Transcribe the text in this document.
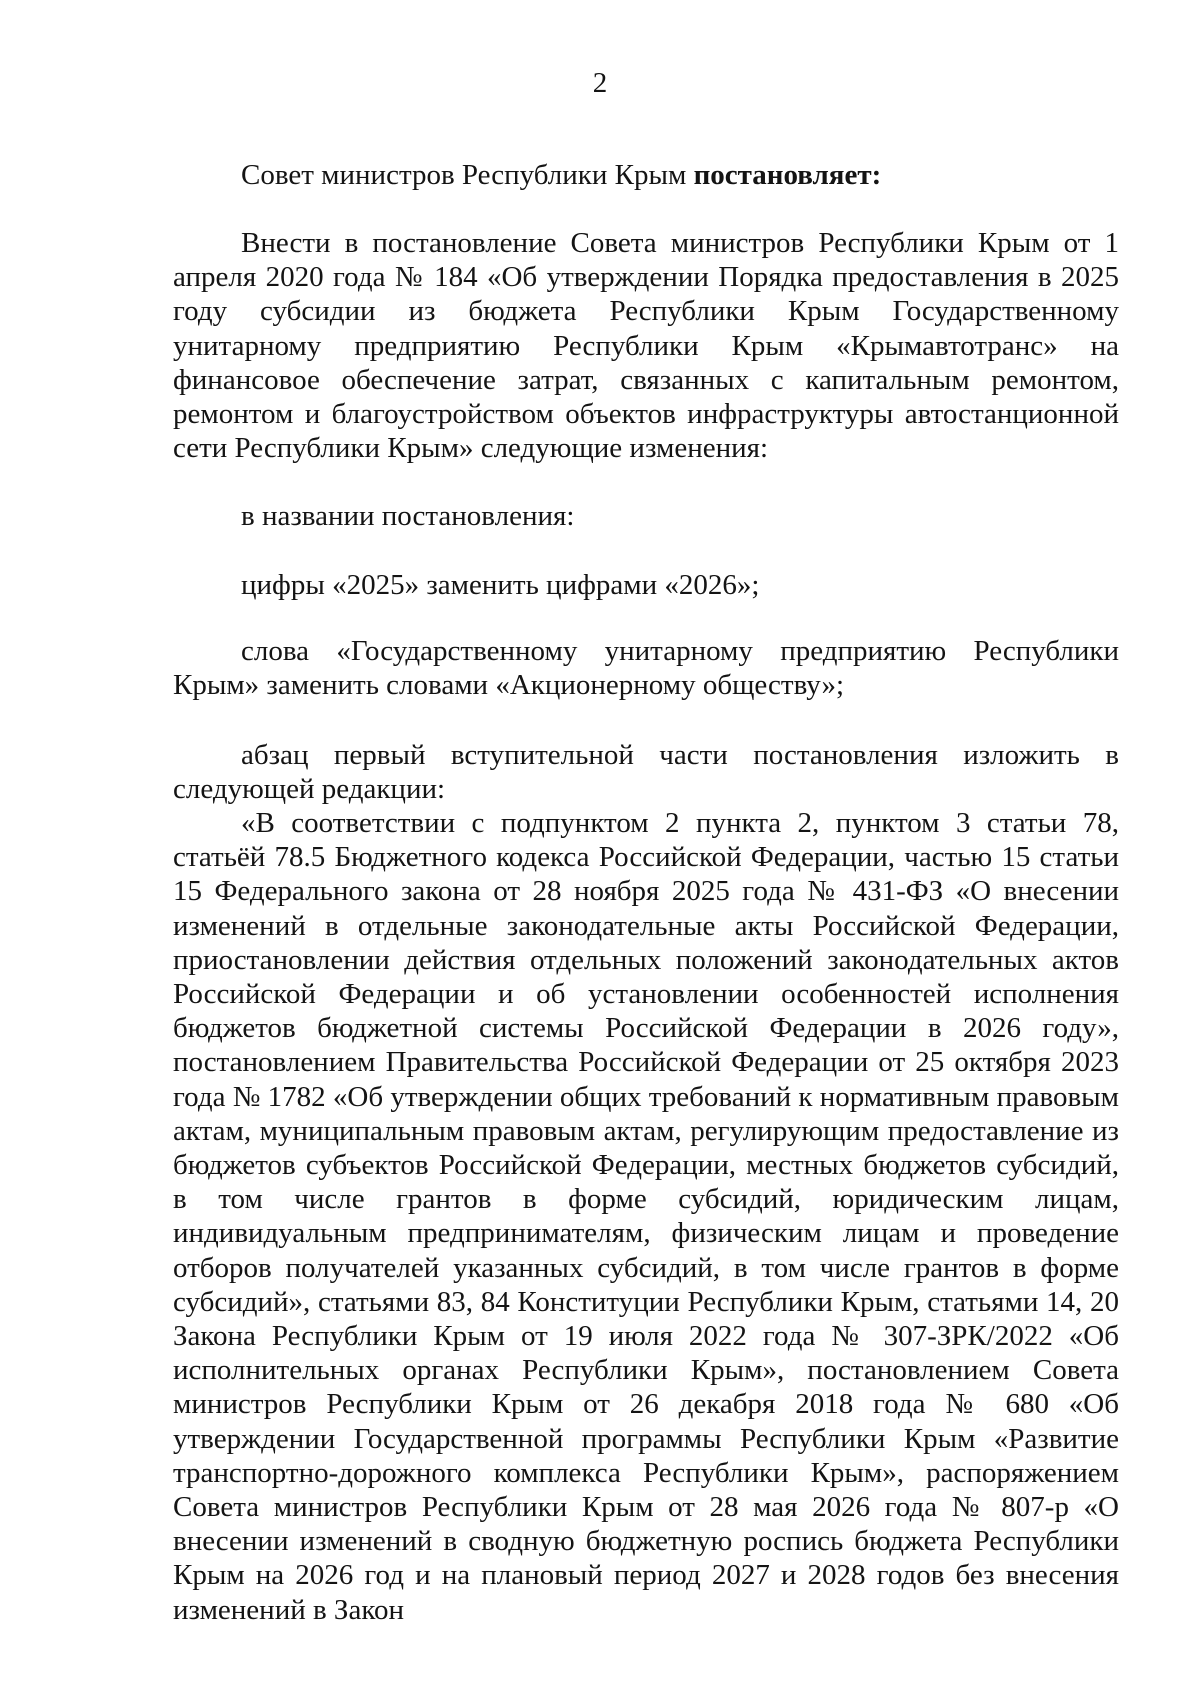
2
Совет министров Республики Крым постановляет:
Внести в постановление Совета министров Республики Крым от 1 апреля 2020 года № 184 «Об утверждении Порядка предоставления в 2025 году субсидии из бюджета Республики Крым Государственному унитарному предприятию Республики Крым «Крымавтотранс» на финансовое обеспечение затрат, связанных с капитальным ремонтом, ремонтом и благоустройством объектов инфраструктуры автостанционной сети Республики Крым» следующие изменения:
в названии постановления:
цифры «2025» заменить цифрами «2026»;
слова «Государственному унитарному предприятию Республики Крым» заменить словами «Акционерному обществу»;
абзац первый вступительной части постановления изложить в следующей редакции:
«В соответствии с подпунктом 2 пункта 2, пунктом 3 статьи 78, статьёй 78.5 Бюджетного кодекса Российской Федерации, частью 15 статьи 15 Федерального закона от 28 ноября 2025 года № 431-ФЗ «О внесении изменений в отдельные законодательные акты Российской Федерации, приостановлении действия отдельных положений законодательных актов Российской Федерации и об установлении особенностей исполнения бюджетов бюджетной системы Российской Федерации в 2026 году», постановлением Правительства Российской Федерации от 25 октября 2023 года № 1782 «Об утверждении общих требований к нормативным правовым актам, муниципальным правовым актам, регулирующим предоставление из бюджетов субъектов Российской Федерации, местных бюджетов субсидий, в том числе грантов в форме субсидий, юридическим лицам, индивидуальным предпринимателям, физическим лицам и проведение отборов получателей указанных субсидий, в том числе грантов в форме субсидий», статьями 83, 84 Конституции Республики Крым, статьями 14, 20 Закона Республики Крым от 19 июля 2022 года № 307-ЗРК/2022 «Об исполнительных органах Республики Крым», постановлением Совета министров Республики Крым от 26 декабря 2018 года № 680 «Об утверждении Государственной программы Республики Крым «Развитие транспортно-дорожного комплекса Республики Крым», распоряжением Совета министров Республики Крым от 28 мая 2026 года № 807-р «О внесении изменений в сводную бюджетную роспись бюджета Республики Крым на 2026 год и на плановый период 2027 и 2028 годов без внесения изменений в Закон
